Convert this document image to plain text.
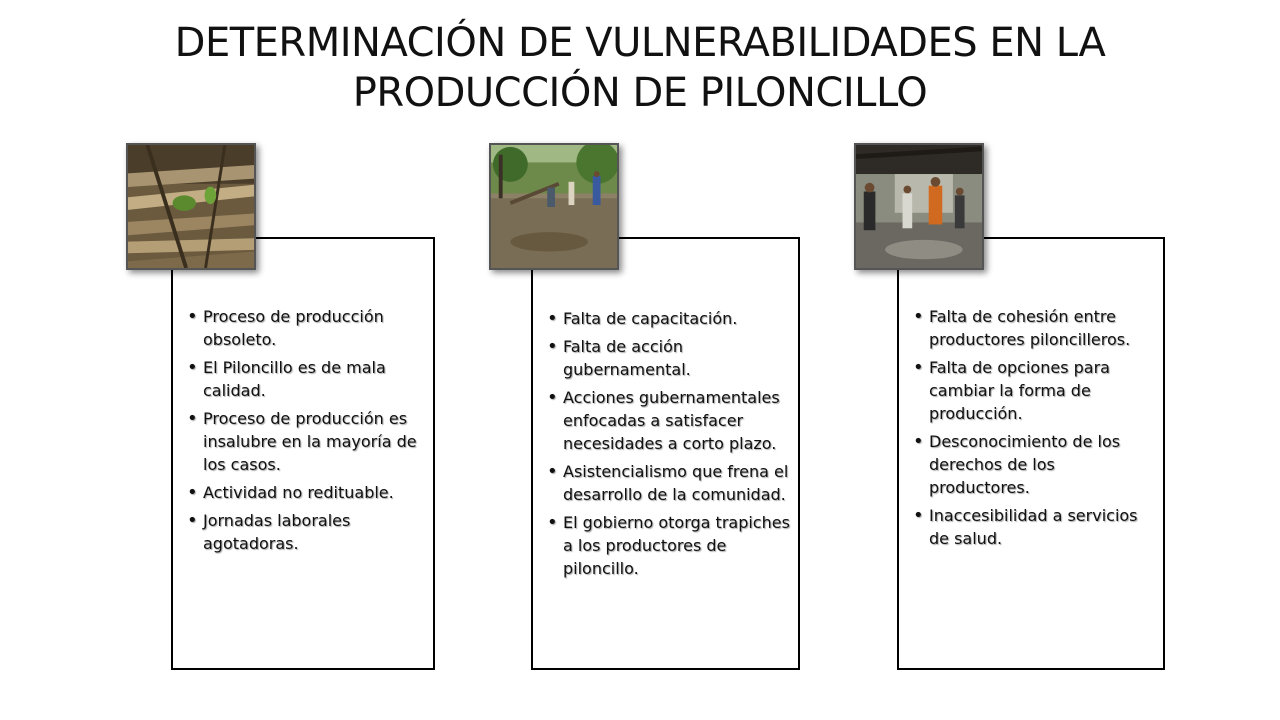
DETERMINACIÓN DE VULNERABILIDADES EN LA
PRODUCCIÓN DE PILONCILLO
• Proceso de producción obsoleto.
• El Piloncillo es de mala calidad.
• Proceso de producción es insalubre en la mayoría de los casos.
• Actividad no redituable.
• Jornadas laborales agotadoras.
• Falta de capacitación.
• Falta de acción gubernamental.
• Acciones gubernamentales enfocadas a satisfacer necesidades a corto plazo.
• Asistencialismo que frena el desarrollo de la comunidad.
• El gobierno otorga trapiches a los productores de piloncillo.
• Falta de cohesión entre productores piloncilleros.
• Falta de opciones para cambiar la forma de producción.
• Desconocimiento de los derechos de los productores.
• Inaccesibilidad a servicios de salud.
